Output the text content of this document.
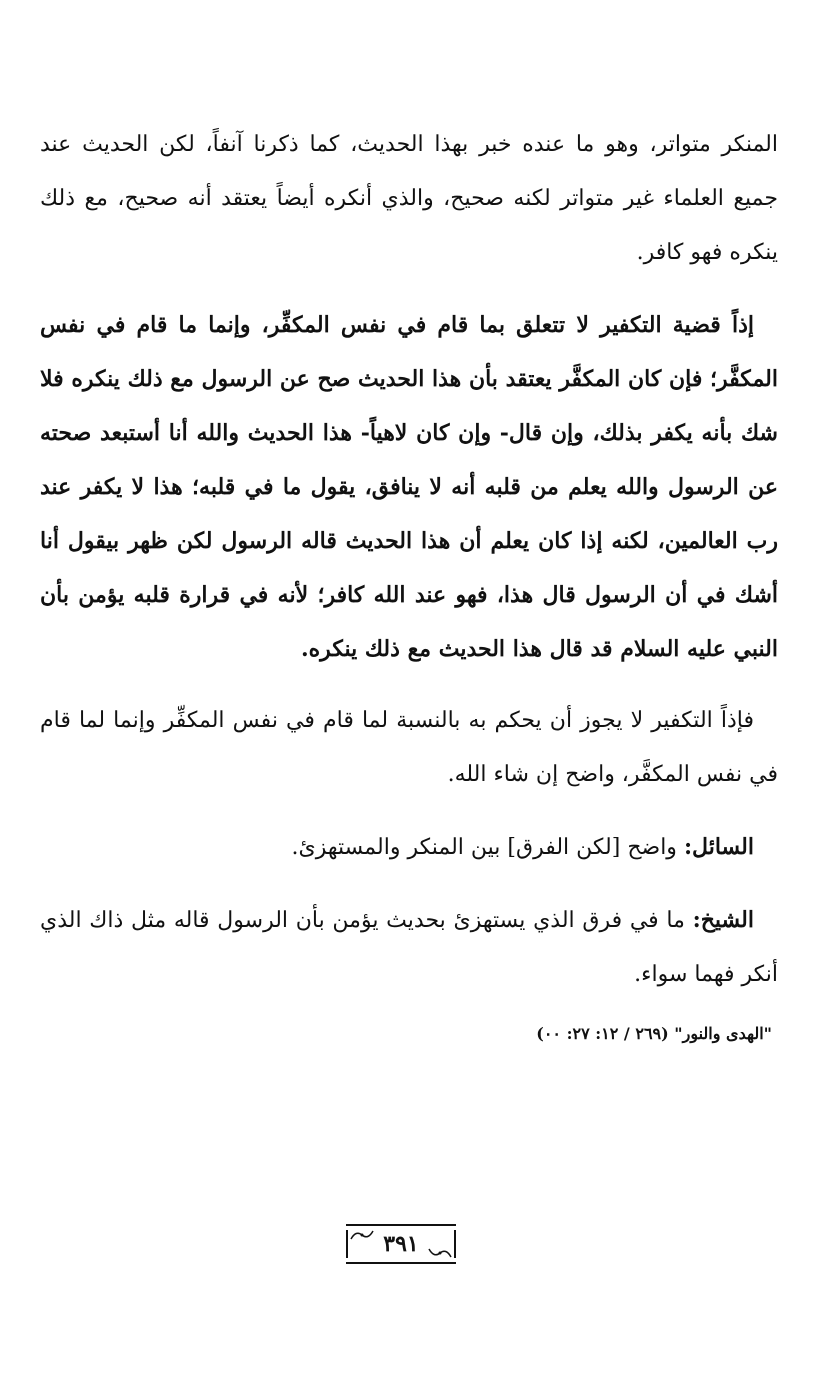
المنكر متواتر، وهو ما عنده خبر بهذا الحديث، كما ذكرنا آنفاً، لكن الحديث عند جميع العلماء غير متواتر لكنه صحيح، والذي أنكره أيضاً يعتقد أنه صحيح، مع ذلك ينكره فهو كافر.

إذاً قضية التكفير لا تتعلق بما قام في نفس المكفِّر، وإنما ما قام في نفس المكفَّر؛ فإن كان المكفَّر يعتقد بأن هذا الحديث صح عن الرسول مع ذلك ينكره فلا شك بأنه يكفر بذلك، وإن قال- وإن كان لاهياً- هذا الحديث والله أنا أستبعد صحته عن الرسول والله يعلم من قلبه أنه لا ينافق، يقول ما في قلبه؛ هذا لا يكفر عند رب العالمين، لكنه إذا كان يعلم أن هذا الحديث قاله الرسول لكن ظهر بيقول أنا أشك في أن الرسول قال هذا، فهو عند الله كافر؛ لأنه في قرارة قلبه يؤمن بأن النبي عليه السلام قد قال هذا الحديث مع ذلك ينكره.

فإذاً التكفير لا يجوز أن يحكم به بالنسبة لما قام في نفس المكفِّر وإنما لما قام في نفس المكفَّر، واضح إن شاء الله.

السائل: واضح [لكن الفرق] بين المنكر والمستهزئ.

الشيخ: ما في فرق الذي يستهزئ بحديث يؤمن بأن الرسول قاله مثل ذاك الذي أنكر فهما سواء.

"الهدى والنور" (٢٦٩ / ١٢: ٢٧: ٠٠)

٣٩١
